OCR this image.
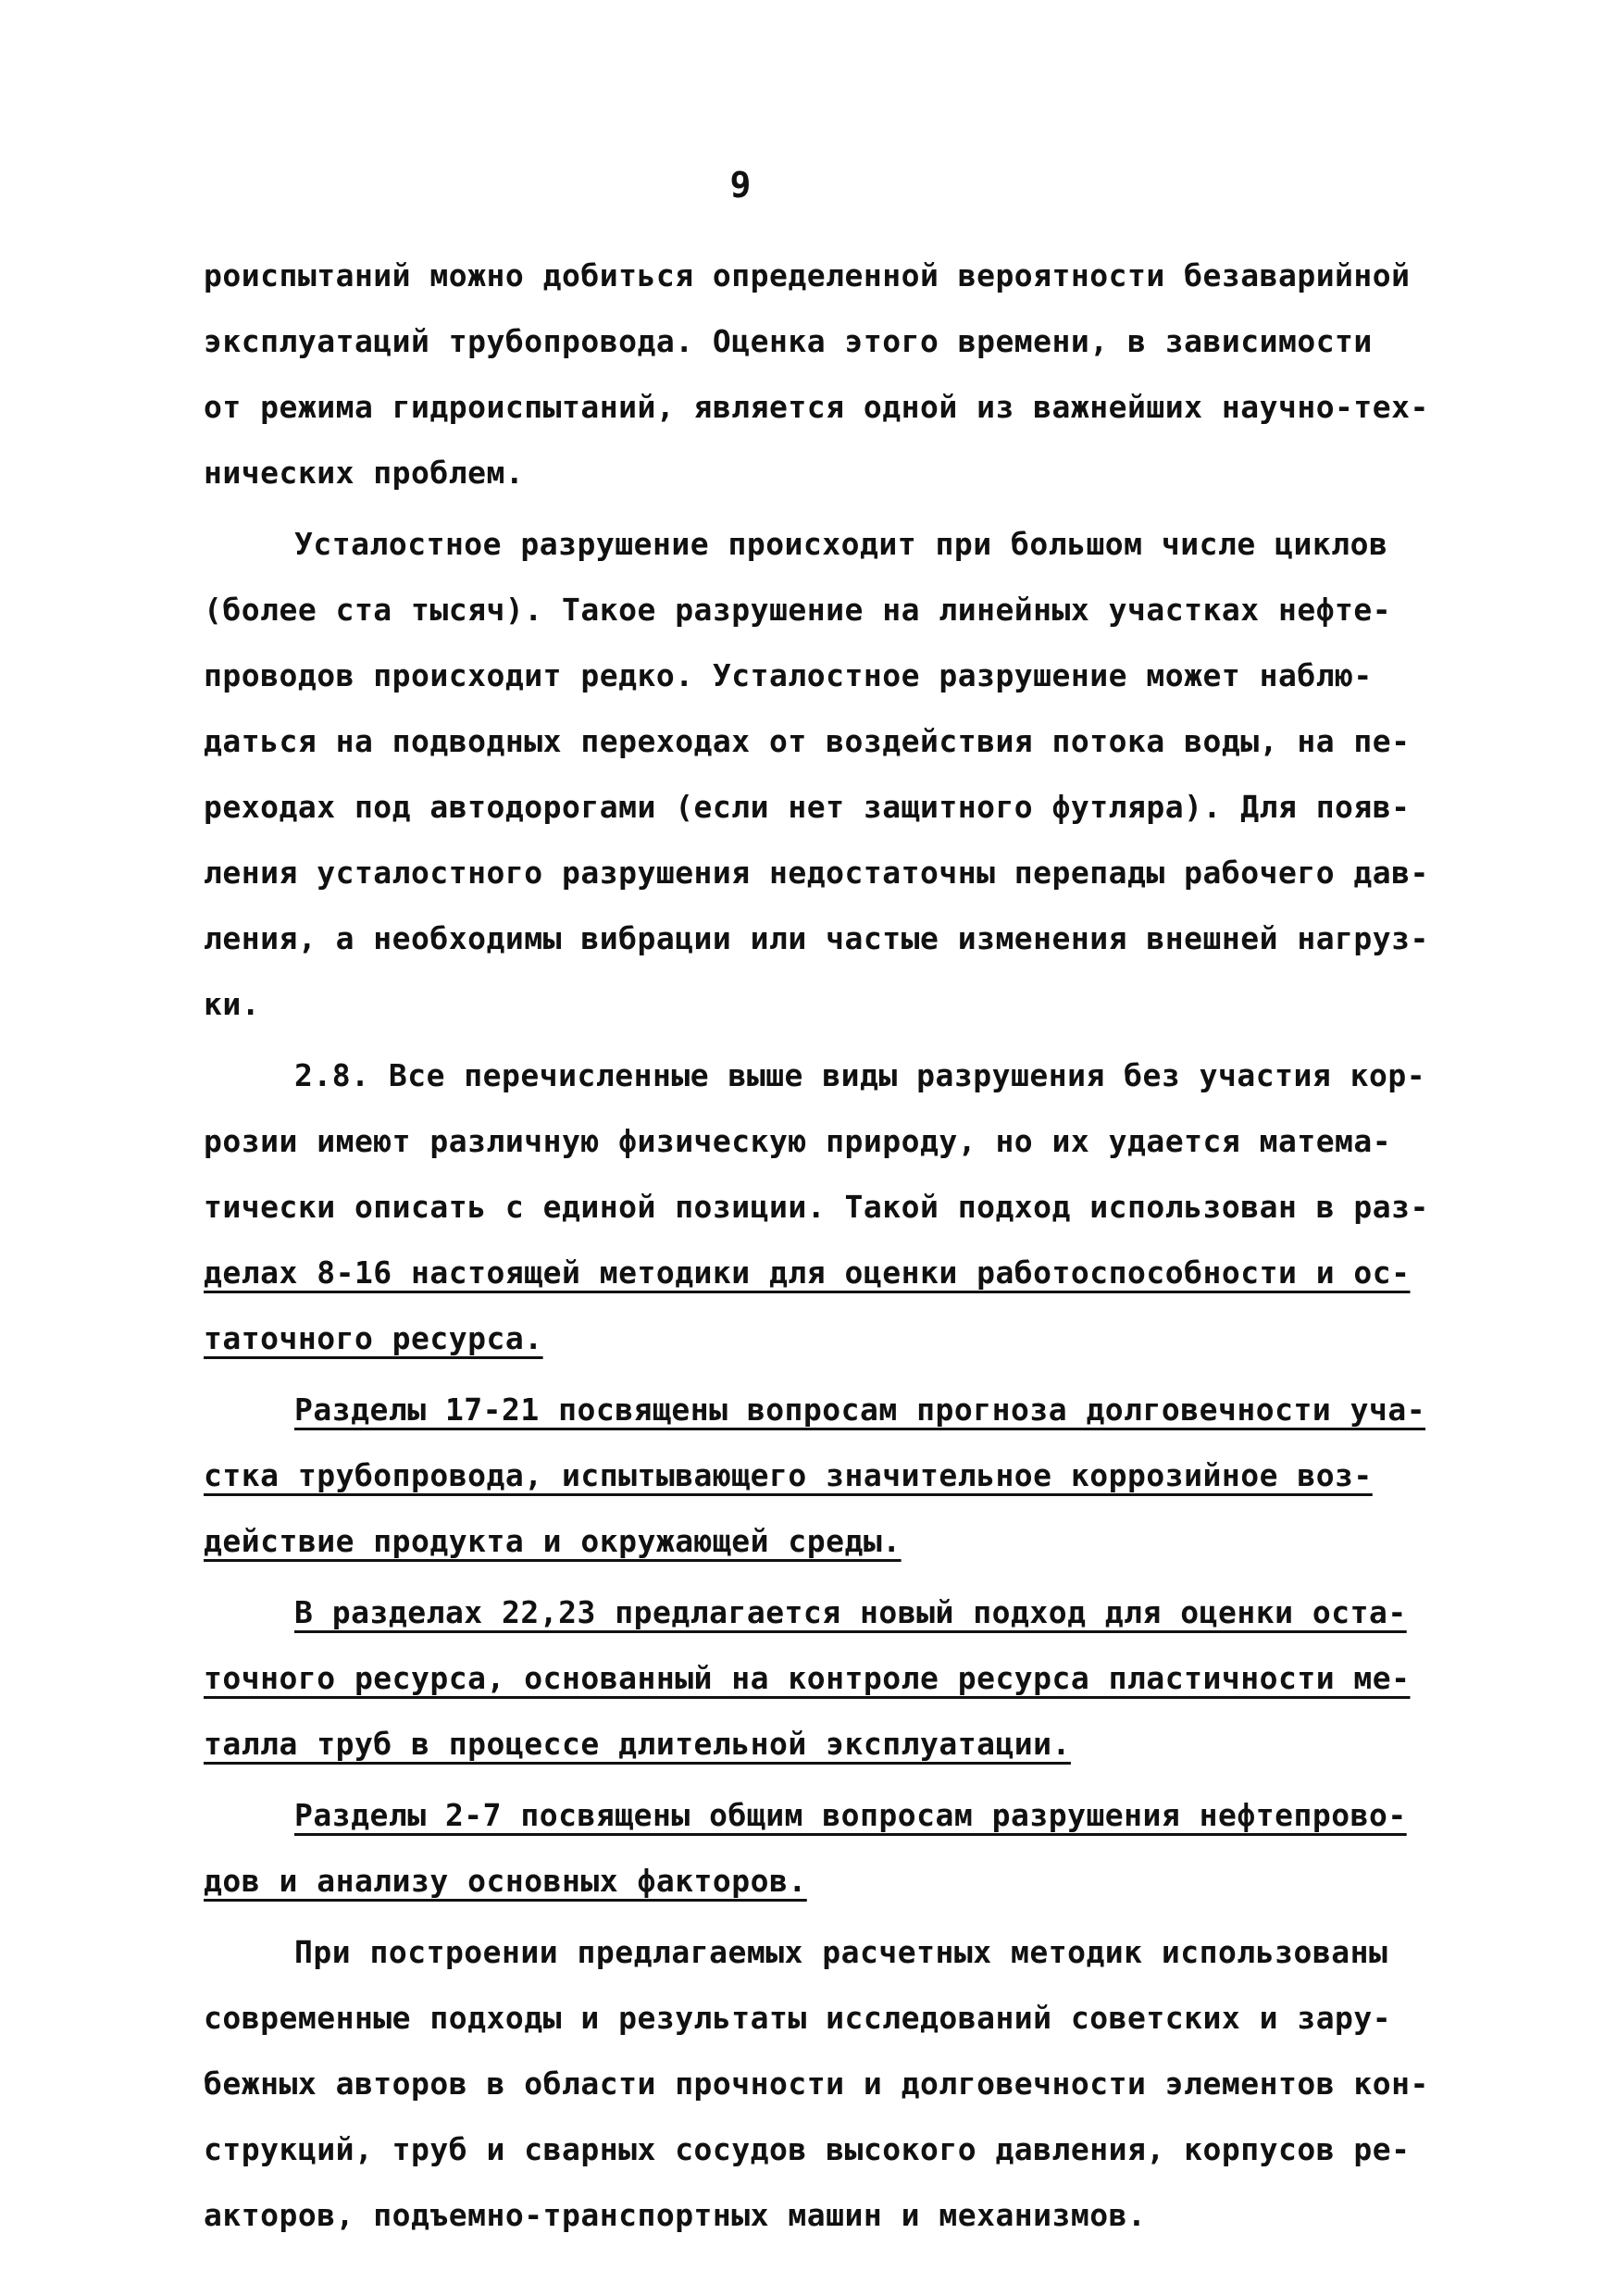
9

роиспытаний можно добиться определенной вероятности безаварийной
эксплуатаций трубопровода. Оценка этого времени, в зависимости
от режима гидроиспытаний, является одной из важнейших научно-тех-
нических проблем.

Усталостное разрушение происходит при большом числе циклов
(более ста тысяч). Такое разрушение на линейных участках нефте-
проводов происходит редко. Усталостное разрушение может наблю-
даться на подводных переходах от воздействия потока воды, на пе-
реходах под автодорогами (если нет защитного футляра). Для появ-
ления усталостного разрушения недостаточны перепады рабочего дав-
ления, а необходимы вибрации или частые изменения внешней нагруз-
ки.

2.8. Все перечисленные выше виды разрушения без участия кор-
розии имеют различную физическую природу, но их удается матема-
тически описать с единой позиции. Такой подход использован в раз-
делах 8-16 настоящей методики для оценки работоспособности и ос-
таточного ресурса.

Разделы 17-21 посвящены вопросам прогноза долговечности уча-
стка трубопровода, испытывающего значительное коррозийное воз-
действие продукта и окружающей среды.

В разделах 22,23 предлагается новый подход для оценки оста-
точного ресурса, основанный на контроле ресурса пластичности ме-
талла труб в процессе длительной эксплуатации.

Разделы 2-7 посвящены общим вопросам разрушения нефтепрово-
дов и анализу основных факторов.

При построении предлагаемых расчетных методик использованы
современные подходы и результаты исследований советских и зару-
бежных авторов в области прочности и долговечности элементов кон-
струкций, труб и сварных сосудов высокого давления, корпусов ре-
акторов, подъемно-транспортных машин и механизмов.
